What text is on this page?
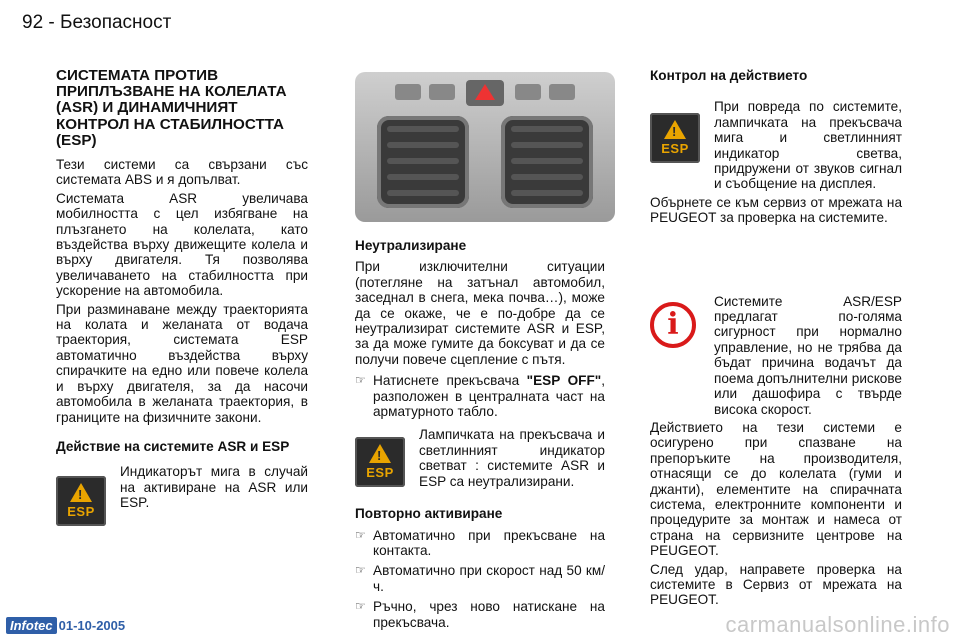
92 - Безопасност
СИСТЕМАТА ПРОТИВ ПРИПЛЪЗВАНЕ НА КОЛЕЛАТА (ASR) И ДИНАМИЧНИЯТ КОНТРОЛ НА СТАБИЛНОСТТА (ESP)

Тези системи са свързани със системата ABS и я допълват.

Системата ASR увеличава мобилността с цел избягване на плъзгането на колелата, като въздейства върху движещите колела и върху двигателя. Тя позволява увеличаването на стабилността при ускорение на автомобила.

При разминаване между траекторията на колата и желаната от водача траектория, системата ESP автоматично въздейства върху спирачките на едно или повече колела и върху двигателя, за да насочи автомобила в желаната траектория, в границите на физичните закони.

Действие на системите ASR и ESP
!
ESP

Индикаторът мига в случай на активиране на ASR или ESP.

Неутрализиране

При изключителни ситуации (потегляне на затънал автомобил, заседнал в снега, мека почва…), може да се окаже, че е по-добре да се неутрализират системите ASR и ESP, за да може гумите да боксуват и да се получи повече сцепление с пътя.

☞ Натиснете прекъсвача "ESP OFF", разположен в централната част на арматурното табло.
!
ESP

Лампичката на прекъсвача и светлинният индикатор светват : системите ASR и ESP са неутрализирани.

Повторно активиране
☞ Автоматично при прекъсване на контакта.
☞ Автоматично при скорост над 50 км/ч.
☞ Ръчно, чрез ново натискане на прекъсвача.
Контрол на действието
!
ESP

При повреда по системите, лампичката на прекъсвача мига и светлинният индикатор светва, придружени от звуков сигнал и съобщение на дисплея.

Обърнете се към сервиз от мрежата на PEUGEOT за проверка на системите.

i

Системите ASR/ESP предлагат по-голяма сигурност при нормално управление, но не трябва да бъдат причина водачът да поема допълнителни рискове или дашофира с твърде висока скорост.

Действието на тези системи е осигурено при спазване на препоръките на производителя, отнасящи се до колелата (гуми и джанти), елементите на спирачната система, електронните компоненти и процедурите за монтаж и намеса от страна на сервизните центрове на PEUGEOT.

След удар, направете проверка на системите в Сервиз от мрежата на PEUGEOT.

Infotec 01-10-2005	carmanualsonline.info
